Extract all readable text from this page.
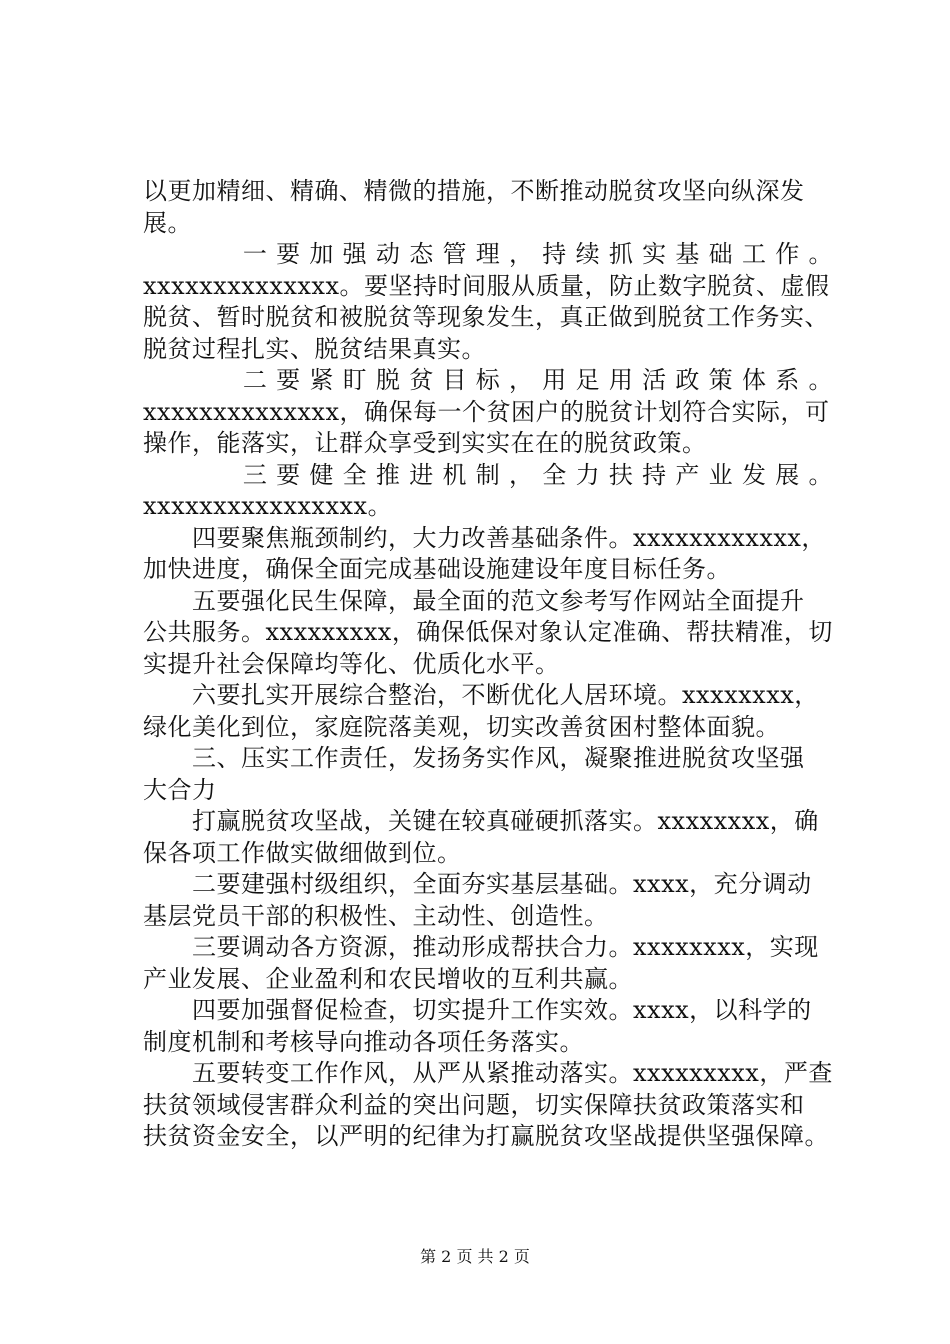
以更加精细、精确、精微的措施，不断推动脱贫攻坚向纵深发
展。
　　　一要加强动态管理，持续抓实基础工作。
xxxxxxxxxxxxxx。要坚持时间服从质量，防止数字脱贫、虚假
脱贫、暂时脱贫和被脱贫等现象发生，真正做到脱贫工作务实、
脱贫过程扎实、脱贫结果真实。
　　　二要紧盯脱贫目标，用足用活政策体系。
xxxxxxxxxxxxxx，确保每一个贫困户的脱贫计划符合实际，可
操作，能落实，让群众享受到实实在在的脱贫政策。
　　　三要健全推进机制，全力扶持产业发展。
xxxxxxxxxxxxxxxx。
　　四要聚焦瓶颈制约，大力改善基础条件。xxxxxxxxxxxx，
加快进度，确保全面完成基础设施建设年度目标任务。
　　五要强化民生保障，最全面的范文参考写作网站全面提升
公共服务。xxxxxxxxx，确保低保对象认定准确、帮扶精准，切
实提升社会保障均等化、优质化水平。
　　六要扎实开展综合整治，不断优化人居环境。xxxxxxxx，
绿化美化到位，家庭院落美观，切实改善贫困村整体面貌。
　　三、压实工作责任，发扬务实作风，凝聚推进脱贫攻坚强
大合力
　　打赢脱贫攻坚战，关键在较真碰硬抓落实。xxxxxxxx，确
保各项工作做实做细做到位。
　　二要建强村级组织，全面夯实基层基础。xxxx，充分调动
基层党员干部的积极性、主动性、创造性。
　　三要调动各方资源，推动形成帮扶合力。xxxxxxxx，实现
产业发展、企业盈利和农民增收的互利共赢。
　　四要加强督促检查，切实提升工作实效。xxxx，以科学的
制度机制和考核导向推动各项任务落实。
　　五要转变工作作风，从严从紧推动落实。xxxxxxxxx，严查
扶贫领域侵害群众利益的突出问题，切实保障扶贫政策落实和
扶贫资金安全，以严明的纪律为打赢脱贫攻坚战提供坚强保障。
第 2 页 共 2 页
